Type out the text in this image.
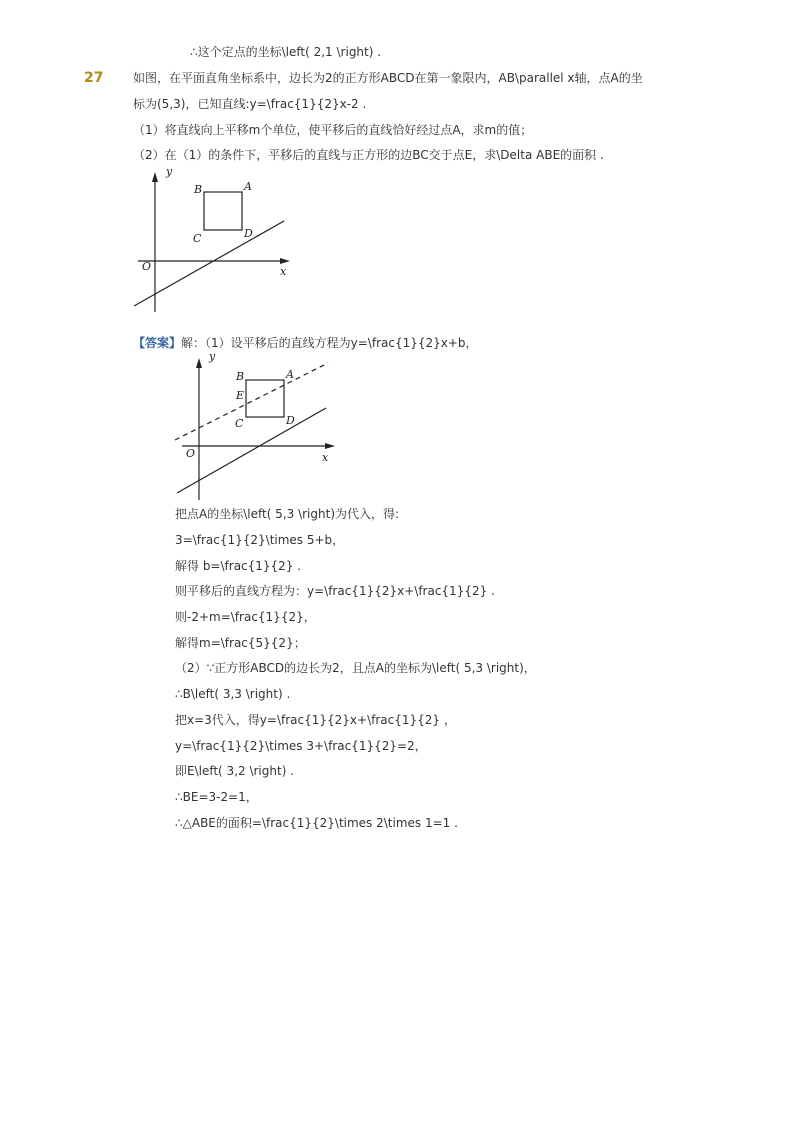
∴这个定点的坐标\left( 2,1 \right) .
27 如图，在平面直角坐标系中，边长为2的正方形ABCD在第一象限内，AB\parallel x轴，点A的坐
标为(5,3)，已知直线:y=\frac{1}{2}x-2 .
（1）将直线向上平移m个单位，使平移后的直线恰好经过点A，求m的值；
（2）在（1）的条件下，平移后的直线与正方形的边BC交于点E，求\Delta ABE的面积 .
y
x
O
B	A
C	D
【答案】解：（1）设平移后的直线方程为y=\frac{1}{2}x+b，
y
x
O
B	A
E
C	D
把点A的坐标\left( 5,3 \right)为代入，得:
3=\frac{1}{2}\times 5+b，
解得 b=\frac{1}{2} .
则平移后的直线方程为：y=\frac{1}{2}x+\frac{1}{2} .
则-2+m=\frac{1}{2}，
解得m=\frac{5}{2}；
（2）∵正方形ABCD的边长为2，且点A的坐标为\left( 5,3 \right)，
∴B\left( 3,3 \right) .
把x=3代入，得y=\frac{1}{2}x+\frac{1}{2} ，
y=\frac{1}{2}\times 3+\frac{1}{2}=2，
即E\left( 3,2 \right) .
∴BE=3-2=1，
∴△ABE的面积=\frac{1}{2}\times 2\times 1=1 .
